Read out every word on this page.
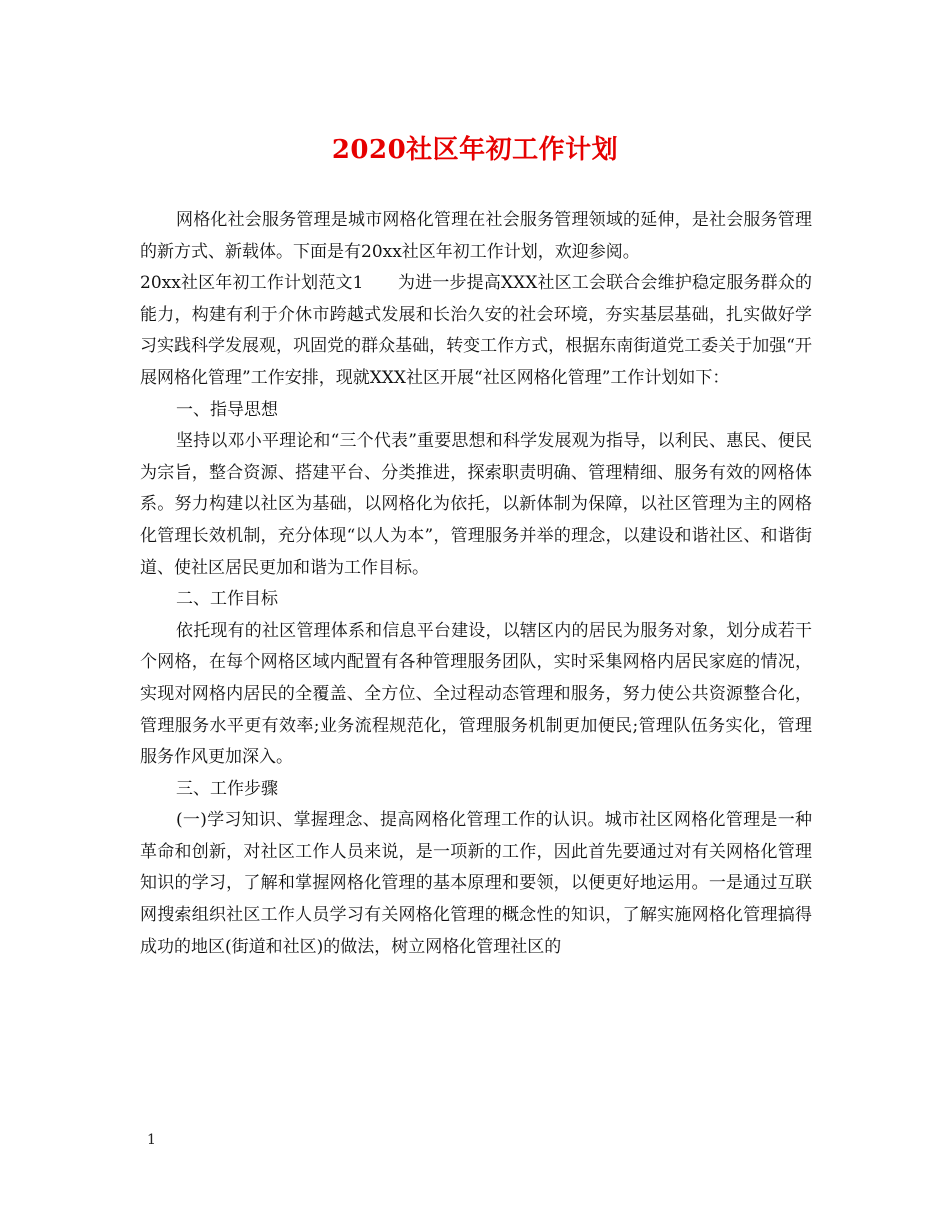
2020社区年初工作计划

网格化社会服务管理是城市网格化管理在社会服务管理领域的延伸，是社会服务管理的新方式、新载体。下面是有20xx社区年初工作计划，欢迎参阅。

20xx社区年初工作计划范文1　　为进一步提高XXX社区工会联合会维护稳定服务群众的能力，构建有利于介休市跨越式发展和长治久安的社会环境，夯实基层基础，扎实做好学习实践科学发展观，巩固党的群众基础，转变工作方式，根据东南街道党工委关于加强“开展网格化管理”工作安排，现就XXX社区开展“社区网格化管理”工作计划如下：

一、指导思想

坚持以邓小平理论和“三个代表”重要思想和科学发展观为指导，以利民、惠民、便民为宗旨，整合资源、搭建平台、分类推进，探索职责明确、管理精细、服务有效的网格体系。努力构建以社区为基础，以网格化为依托，以新体制为保障，以社区管理为主的网格化管理长效机制，充分体现“以人为本”，管理服务并举的理念，以建设和谐社区、和谐街道、使社区居民更加和谐为工作目标。

二、工作目标

依托现有的社区管理体系和信息平台建设，以辖区内的居民为服务对象，划分成若干个网格，在每个网格区域内配置有各种管理服务团队，实时采集网格内居民家庭的情况，实现对网格内居民的全覆盖、全方位、全过程动态管理和服务，努力使公共资源整合化，管理服务水平更有效率;业务流程规范化，管理服务机制更加便民;管理队伍务实化，管理服务作风更加深入。

三、工作步骤

(一)学习知识、掌握理念、提高网格化管理工作的认识。城市社区网格化管理是一种革命和创新，对社区工作人员来说，是一项新的工作，因此首先要通过对有关网格化管理知识的学习，了解和掌握网格化管理的基本原理和要领，以便更好地运用。一是通过互联网搜索组织社区工作人员学习有关网格化管理的概念性的知识，了解实施网格化管理搞得成功的地区(街道和社区)的做法，树立网格化管理社区的

1
